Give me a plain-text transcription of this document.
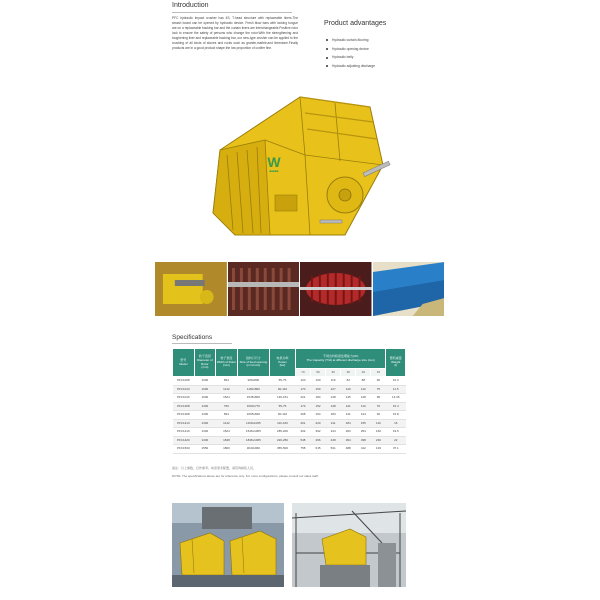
Introduction
PFC hydraulic impact crusher has 4S, T-head structure with replaceable liners.The smash board can be opened by hydraulic device. Fresh blow bars with locking tongue are on a replaceable backing bar and the curtain liners are interchangeable.Positive rotor lock to ensure the safety of persons who change the rotor.With the strengthening and toughening liner and replaceable backing bar, our new-type crusher can be applied to the crushing of all kinds of stones and rocks such as granite,marble,and limestone.Finally products are in a good product shape,the low proportion of conifer fine.
Product advantages
Hydraulic curtain-flooring
Hydraulic opening device
Hydraulic belly
Hydraulic adjusting discharge
W
■■■■■
Specifications
型号
Model	转子直径
Diameter of Rotor
(mm)	转子宽度
Width of Rotor
(mm)	进料口尺寸
Size of feed opening
(mm×mm)	电机功率
Power
(kw)	不同出料粒度处理能力(t/h)
The Capacity (T/H) at different discharge size (mm)						整机重量
Weight
(t)
					70	50	35	25	20	15	
PFC1008	1000	834	930x800	55-75	120	100	116	84	88	60	10.3
PFC1010	1000	1142	1160x800	90-110	170	150	127	120	110	75	11.5
PFC1016	1000	1524	1545x800	130-151	221	184	138	145	128	95	13.35
PFC1308	1330	760	1060x770	55-75	173	152	148	121	110	76	15.4
PFC1308	1330	834	1065x820	90-110	208	164	183	141	124	92	15.8
PFC1413	1330	1142	1160x1065	110-160	261	220	211	184	155	110	16
PFC1416	1330	1524	1546x1065	185-200	402	362	344	263	254	160	19.5
PFC1420	1330	1848	1846x1065	220-250	548	496	448	394	338	230	22
PFC1530	1550	1800	3040x960	355-500	758	615	531	488	412	139	37.1
备注：以上参数，仅作参考。如需更多配置，请咨询销售人员。
NOTE: The specifications above are for reference only. For more configurations, please consult our sales staff.
